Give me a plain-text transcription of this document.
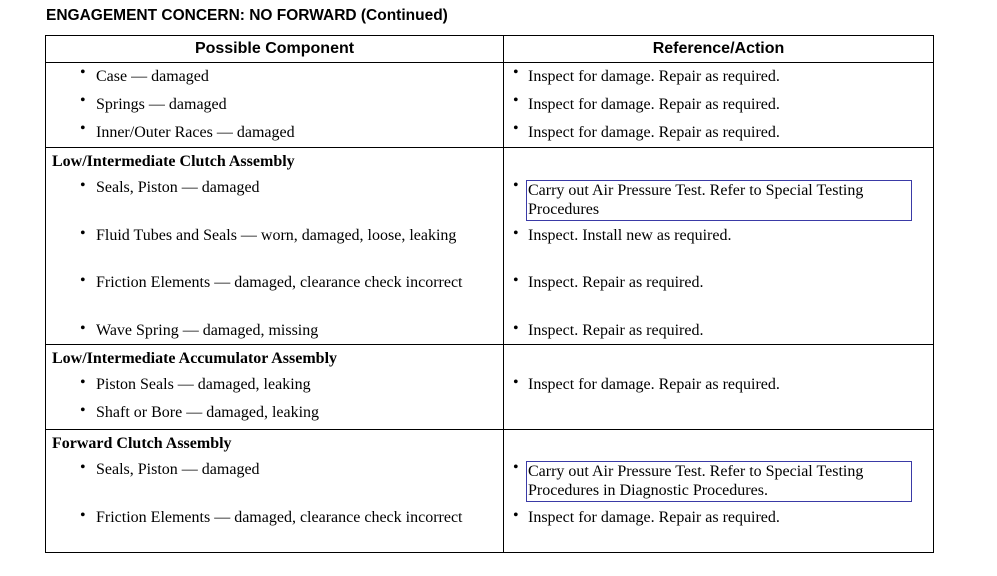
ENGAGEMENT CONCERN: NO FORWARD (Continued)
Possible Component	Reference/Action

• Case — damaged	• Inspect for damage. Repair as required.

• Springs — damaged	• Inspect for damage. Repair as required.

• Inner/Outer Races — damaged	• Inspect for damage. Repair as required.

Low/Intermediate Clutch Assembly	

• Seals, Piston — damaged	• Carry out Air Pressure Test. Refer to Special Testing Procedures

• Fluid Tubes and Seals — worn, damaged, loose, leaking	• Inspect. Install new as required.

• Friction Elements — damaged, clearance check incorrect	• Inspect. Repair as required.

• Wave Spring — damaged, missing	• Inspect. Repair as required.

Low/Intermediate Accumulator Assembly	

• Piston Seals — damaged, leaking	• Inspect for damage. Repair as required.

• Shaft or Bore — damaged, leaking	

Forward Clutch Assembly	

• Seals, Piston — damaged	• Carry out Air Pressure Test. Refer to Special Testing Procedures in Diagnostic Procedures.

• Friction Elements — damaged, clearance check incorrect	• Inspect for damage. Repair as required.
